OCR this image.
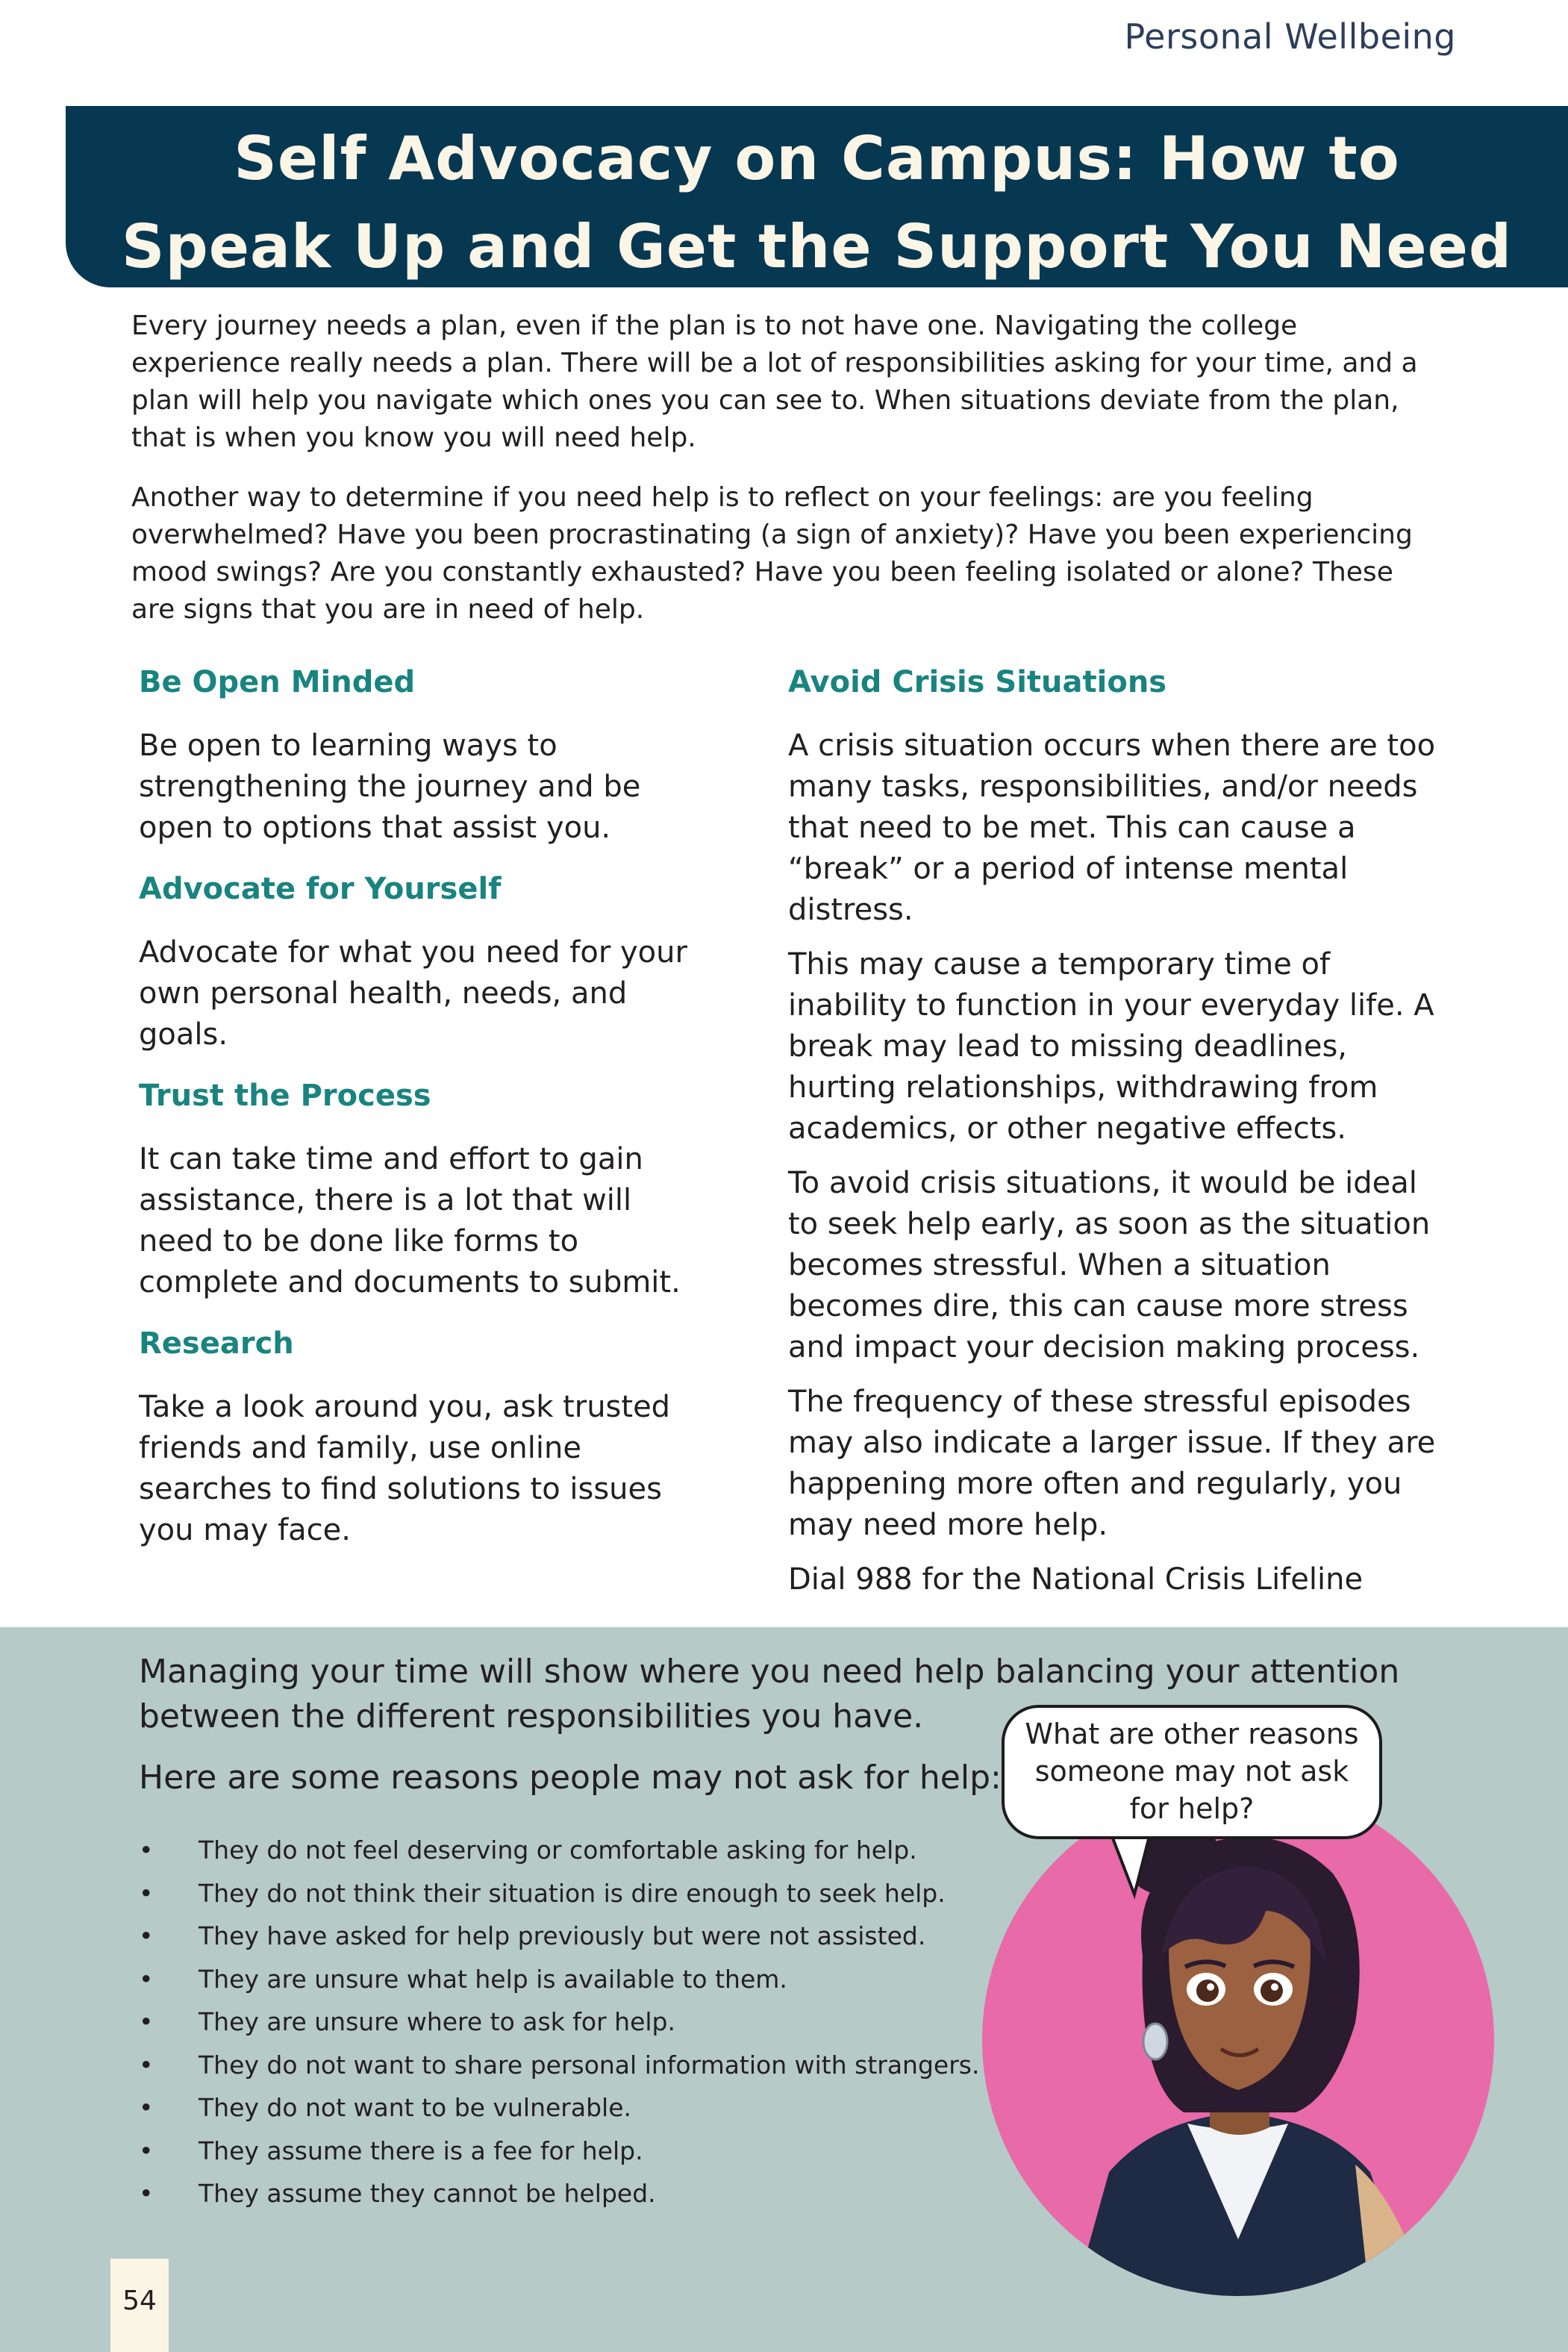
Personal Wellbeing
Self Advocacy on Campus: How to
Speak Up and Get the Support You Need

Every journey needs a plan, even if the plan is to not have one. Navigating the college experience really needs a plan. There will be a lot of responsibilities asking for your time, and a plan will help you navigate which ones you can see to. When situations deviate from the plan, that is when you know you will need help.

Another way to determine if you need help is to reflect on your feelings: are you feeling overwhelmed? Have you been procrastinating (a sign of anxiety)? Have you been experiencing mood swings? Are you constantly exhausted? Have you been feeling isolated or alone? These are signs that you are in need of help.

Be Open Minded

Be open to learning ways to strengthening the journey and be open to options that assist you.

Advocate for Yourself

Advocate for what you need for your own personal health, needs, and goals.

Trust the Process

It can take time and effort to gain assistance, there is a lot that will need to be done like forms to complete and documents to submit.

Research

Take a look around you, ask trusted friends and family, use online searches to find solutions to issues you may face.

Avoid Crisis Situations

A crisis situation occurs when there are too many tasks, responsibilities, and/or needs that need to be met. This can cause a “break” or a period of intense mental distress.

This may cause a temporary time of inability to function in your everyday life. A break may lead to missing deadlines, hurting relationships, withdrawing from academics, or other negative effects.

To avoid crisis situations, it would be ideal to seek help early, as soon as the situation becomes stressful. When a situation becomes dire, this can cause more stress and impact your decision making process.

The frequency of these stressful episodes may also indicate a larger issue. If they are happening more often and regularly, you may need more help.

Dial 988 for the National Crisis Lifeline

Managing your time will show where you need help balancing your attention between the different responsibilities you have.

Here are some reasons people may not ask for help:

• They do not feel deserving or comfortable asking for help.
• They do not think their situation is dire enough to seek help.
• They have asked for help previously but were not assisted.
• They are unsure what help is available to them.
• They are unsure where to ask for help.
• They do not want to share personal information with strangers.
• They do not want to be vulnerable.
• They assume there is a fee for help.
• They assume they cannot be helped.
What are other reasons
someone may not ask
for help?
54
